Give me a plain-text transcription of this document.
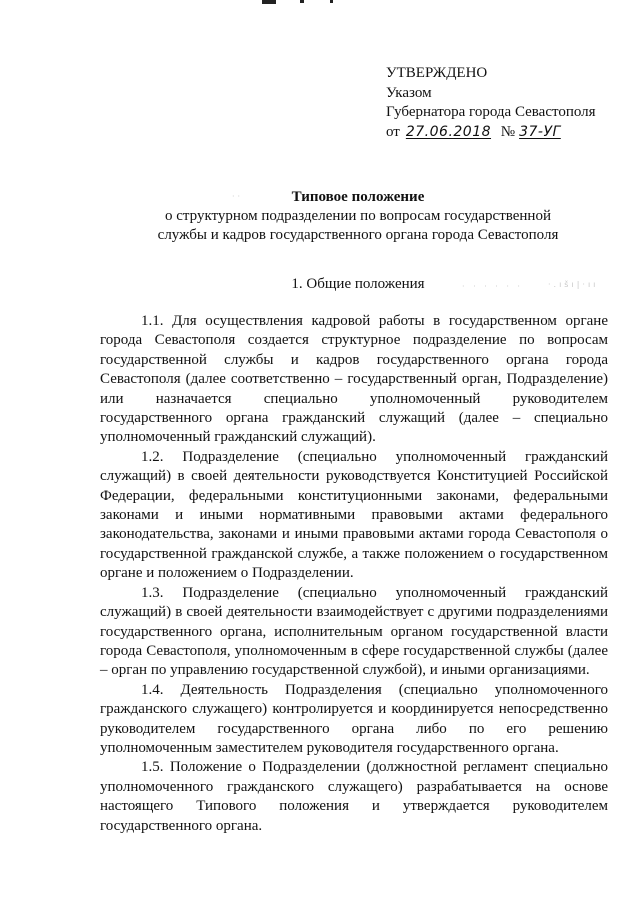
УТВЕРЖДЕНО
Указом
Губернатора города Севастополя
от 27.06.2018 № 37-УГ
··	Типовое положение
о структурном подразделении по вопросам государственной
службы и кадров государственного органа города Севастополя
1. Общие положения	· · · · · ·	·.ıšı|·ıı

1.1. Для осуществления кадровой работы в государственном органе города Севастополя создается структурное подразделение по вопросам государственной службы и кадров государственного органа города Севастополя (далее соответственно – государственный орган, Подразделение) или назначается специально уполномоченный руководителем государственного органа гражданский служащий (далее – специально уполномоченный гражданский служащий).

1.2. Подразделение (специально уполномоченный гражданский служащий) в своей деятельности руководствуется Конституцией Российской Федерации, федеральными конституционными законами, федеральными законами и иными нормативными правовыми актами федерального законодательства, законами и иными правовыми актами города Севастополя о государственной гражданской службе, а также положением о государственном органе и положением о Подразделении.

1.3. Подразделение (специально уполномоченный гражданский служащий) в своей деятельности взаимодействует с другими подразделениями государственного органа, исполнительным органом государственной власти города Севастополя, уполномоченным в сфере государственной службы (далее – орган по управлению государственной службой), и иными организациями.

1.4. Деятельность Подразделения (специально уполномоченного гражданского служащего) контролируется и координируется непосредственно руководителем государственного органа либо по его решению уполномоченным заместителем руководителя государственного органа.

1.5. Положение о Подразделении (должностной регламент специально уполномоченного гражданского служащего) разрабатывается на основе настоящего Типового положения и утверждается руководителем государственного органа.
